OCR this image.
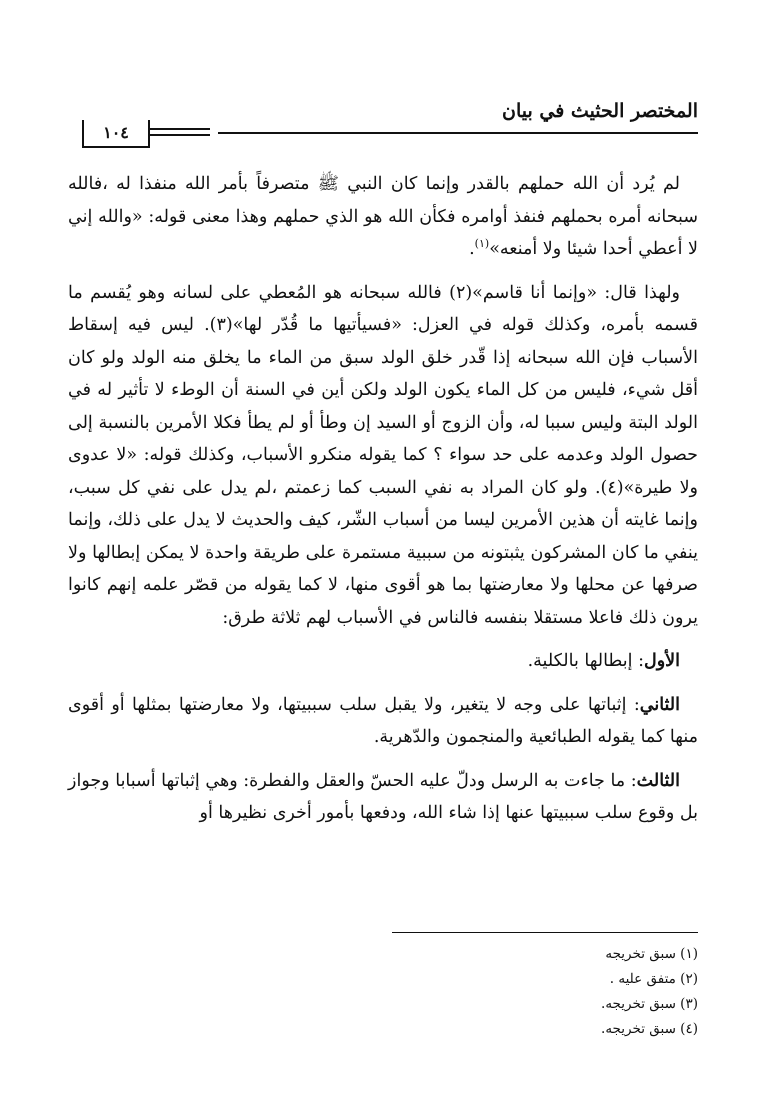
المختصر الحثيث في بيان
١٠٤

لم يُرد أن الله حملهم بالقدر وإنما كان النبي ﷺ متصرفاً بأمر الله منفذا له ،فالله سبحانه أمره بحملهم فنفذ أوامره فكأن الله هو الذي حملهم وهذا معنى قوله: «والله إني لا أعطي أحدا شيئا ولا أمنعه»$^{(١)}$.

ولهذا قال: «وإنما أنا قاسم»(٢) فالله سبحانه هو المُعطي على لسانه وهو يُقسم ما قسمه بأمره، وكذلك قوله في العزل: «فسيأتيها ما قُدّر لها»(٣). ليس فيه إسقاط الأسباب فإن الله سبحانه إذا قّدر خلق الولد سبق من الماء ما يخلق منه الولد ولو كان أقل شيء، فليس من كل الماء يكون الولد ولكن أين في السنة أن الوطء لا تأثير له في الولد البتة وليس سببا له، وأن الزوج أو السيد إن وطأ أو لم يطأ فكلا الأمرين بالنسبة إلى حصول الولد وعدمه على حد سواء ؟ كما يقوله منكرو الأسباب، وكذلك قوله: «لا عدوى ولا طيرة»(٤). ولو كان المراد به نفي السبب كما زعمتم ،لم يدل على نفي كل سبب، وإنما غايته أن هذين الأمرين ليسا من أسباب الشّر، كيف والحديث لا يدل على ذلك، وإنما ينفي ما كان المشركون يثبتونه من سببية مستمرة على طريقة واحدة لا يمكن إبطالها ولا صرفها عن محلها ولا معارضتها بما هو أقوى منها، لا كما يقوله من قصّر علمه إنهم كانوا يرون ذلك فاعلا مستقلا بنفسه فالناس في الأسباب لهم ثلاثة طرق:

الأول: إبطالها بالكلية.

الثاني: إثباتها على وجه لا يتغير، ولا يقبل سلب سببيتها، ولا معارضتها بمثلها أو أقوى منها كما يقوله الطبائعية والمنجمون والدّهرية.

الثالث: ما جاءت به الرسل ودلّ عليه الحسّ والعقل والفطرة: وهي إثباتها أسبابا وجواز بل وقوع سلب سببيتها عنها إذا شاء الله، ودفعها بأمور أخرى نظيرها أو

(١) سبق تخريجه
(٢) متفق عليه .
(٣) سبق تخريجه.
(٤) سبق تخريجه.
